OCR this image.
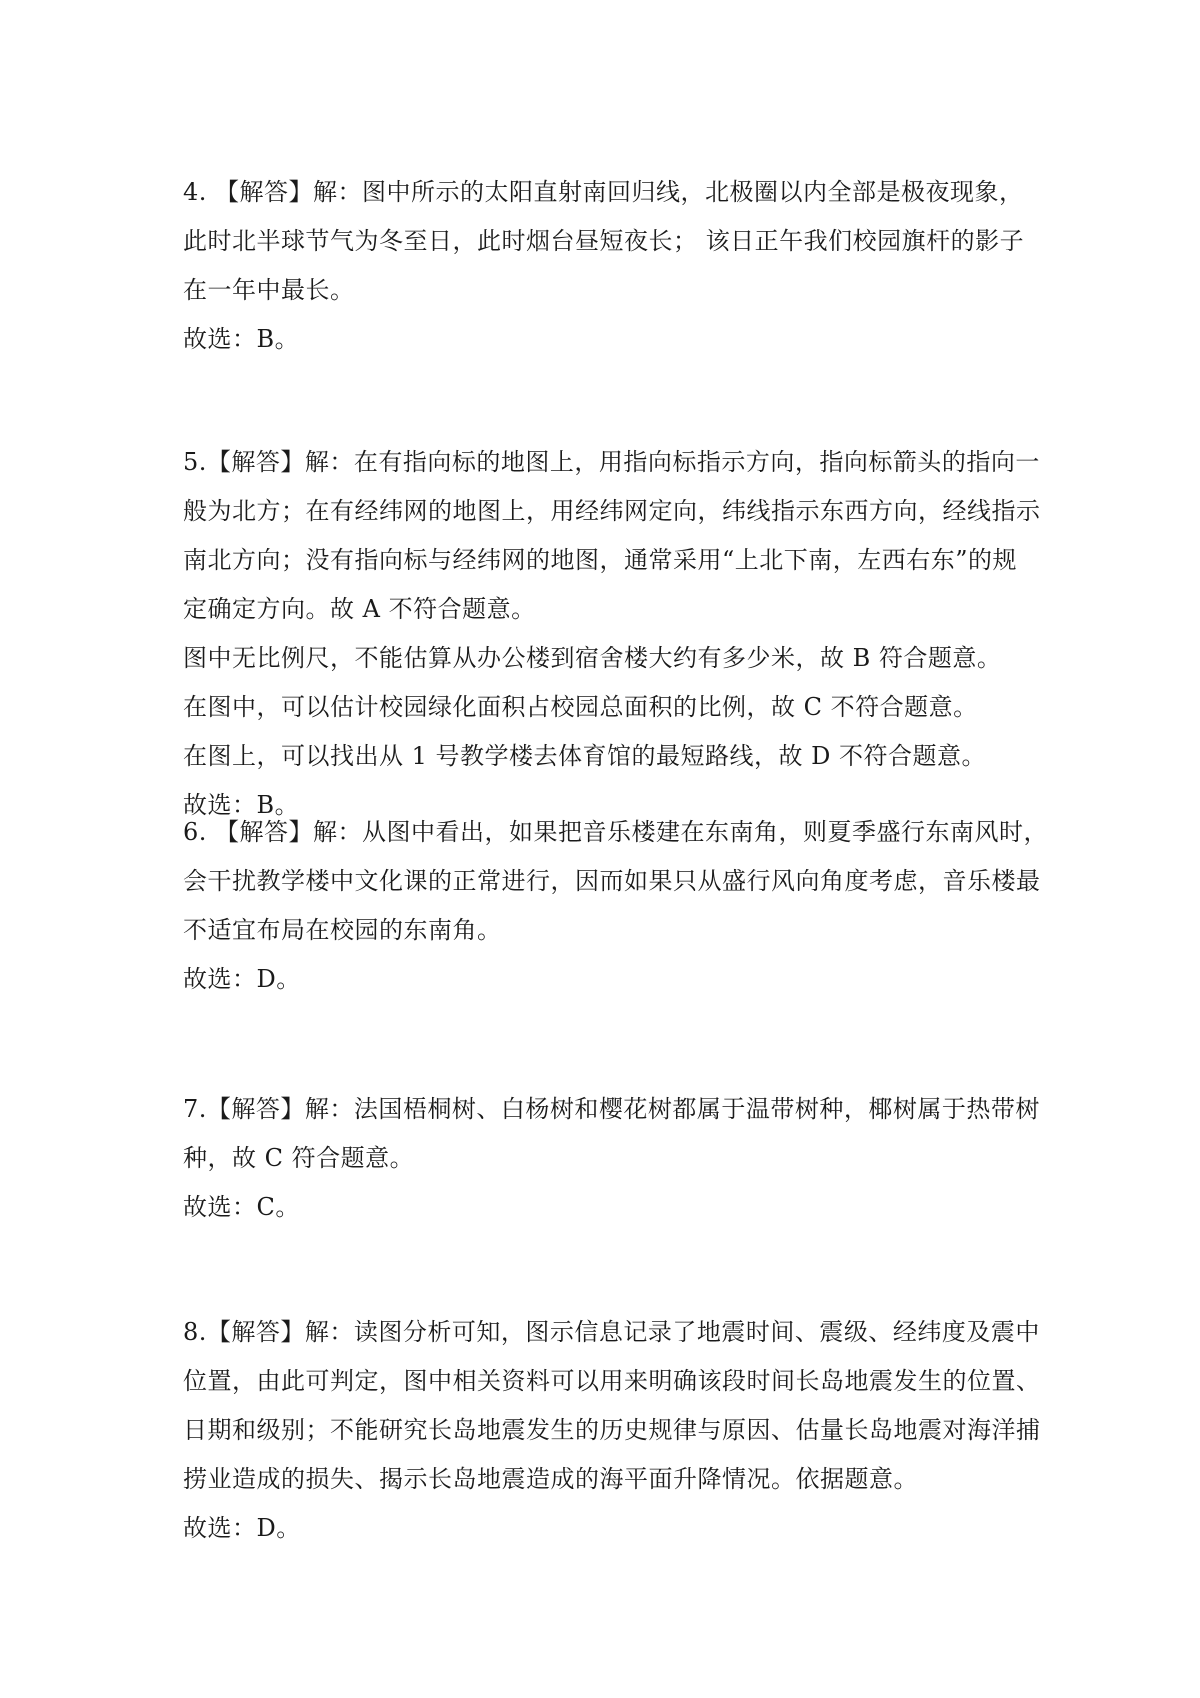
4. 【解答】解：图中所示的太阳直射南回归线，北极圈以内全部是极夜现象，
此时北半球节气为冬至日，此时烟台昼短夜长； 该日正午我们校园旗杆的影子
在一年中最长。
故选：B。
5.【解答】解：在有指向标的地图上，用指向标指示方向，指向标箭头的指向一
般为北方；在有经纬网的地图上，用经纬网定向，纬线指示东西方向，经线指示
南北方向；没有指向标与经纬网的地图，通常采用“上北下南，左西右东”的规
定确定方向。故 A 不符合题意。
图中无比例尺，不能估算从办公楼到宿舍楼大约有多少米，故 B 符合题意。
在图中，可以估计校园绿化面积占校园总面积的比例，故 C 不符合题意。
在图上，可以找出从 1 号教学楼去体育馆的最短路线，故 D 不符合题意。
故选：B。
6. 【解答】解：从图中看出，如果把音乐楼建在东南角，则夏季盛行东南风时，
会干扰教学楼中文化课的正常进行，因而如果只从盛行风向角度考虑，音乐楼最
不适宜布局在校园的东南角。
故选：D。
7.【解答】解：法国梧桐树、白杨树和樱花树都属于温带树种，椰树属于热带树
种，故 C 符合题意。
故选：C。
8.【解答】解：读图分析可知，图示信息记录了地震时间、震级、经纬度及震中
位置，由此可判定，图中相关资料可以用来明确该段时间长岛地震发生的位置、
日期和级别；不能研究长岛地震发生的历史规律与原因、估量长岛地震对海洋捕
捞业造成的损失、揭示长岛地震造成的海平面升降情况。依据题意。
故选：D。
